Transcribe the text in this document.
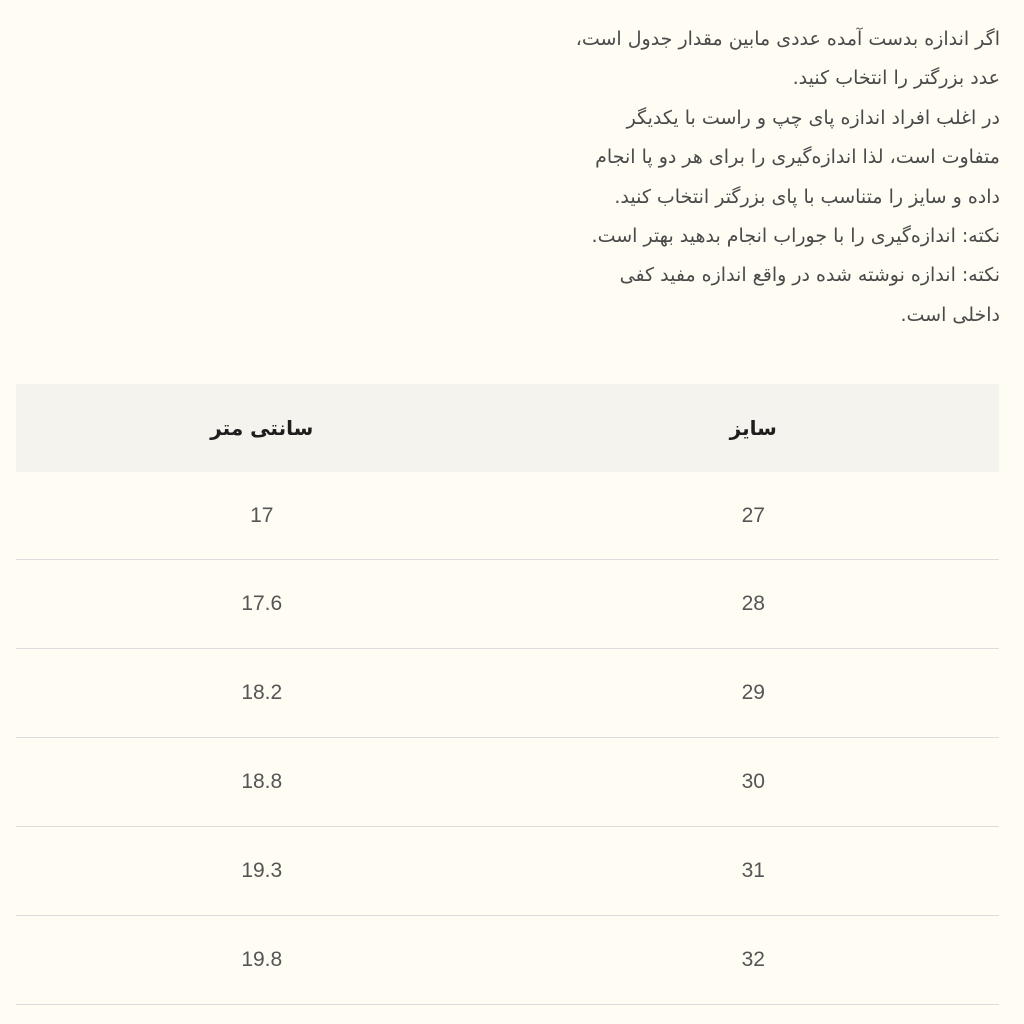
اگر اندازه بدست آمده عددی مابین مقدار جدول است،

عدد بزرگتر را انتخاب کنید.

در اغلب افراد اندازه پای چپ و راست با یکدیگر

متفاوت است، لذا اندازه‌گیری را برای هر دو پا انجام

داده و سایز را متناسب با پای بزرگتر انتخاب کنید.

نکته: اندازه‌گیری را با جوراب انجام بدهید بهتر است.

نکته: اندازه نوشته شده در واقع اندازه مفید کفی

داخلی است.

سایز	سانتی متر
27	17
28	17.6
29	18.2
30	18.8
31	19.3
32	19.8
